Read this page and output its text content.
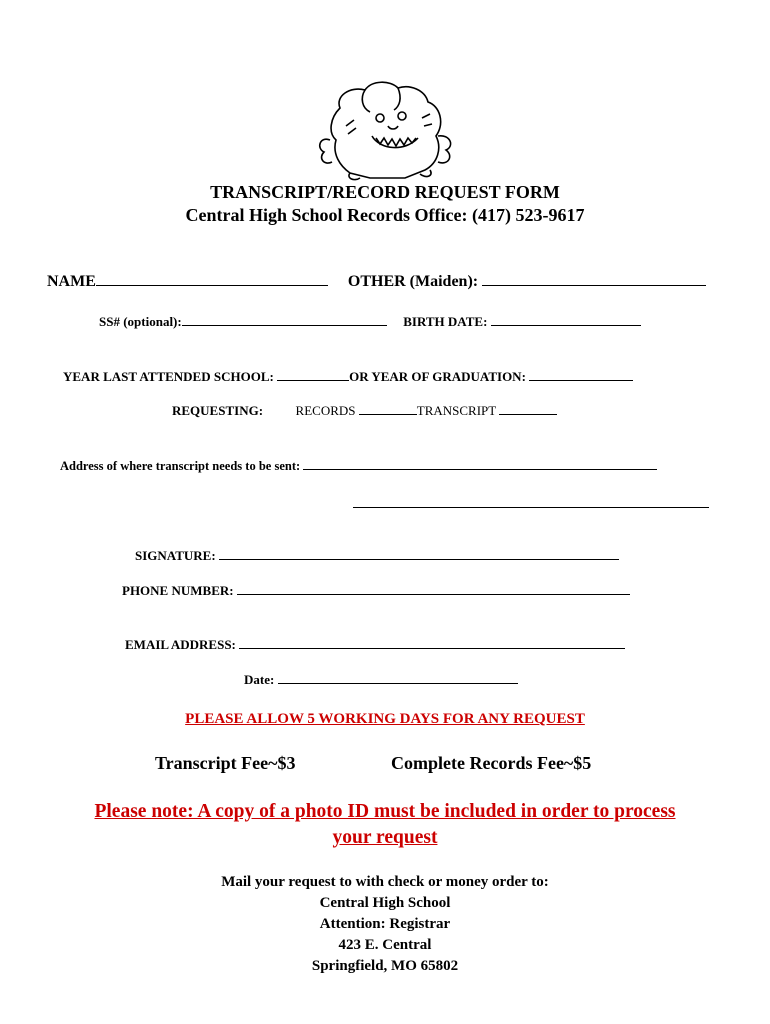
TRANSCRIPT/RECORD REQUEST FORM
Central High School Records Office: (417) 523-9617
NAME	OTHER (Maiden):
SS# (optional):	BIRTH DATE:
YEAR LAST ATTENDED SCHOOL:	OR YEAR OF GRADUATION:
REQUESTING:	RECORDS	TRANSCRIPT
Address of where transcript needs to be sent:
SIGNATURE:
PHONE NUMBER:
EMAIL ADDRESS:
Date:
PLEASE ALLOW 5 WORKING DAYS FOR ANY REQUEST
Transcript Fee~$3	Complete Records Fee~$5
Please note: A copy of a photo ID must be included in order to process
your request
Mail your request to with check or money order to:
Central High School
Attention: Registrar
423 E. Central
Springfield, MO 65802
